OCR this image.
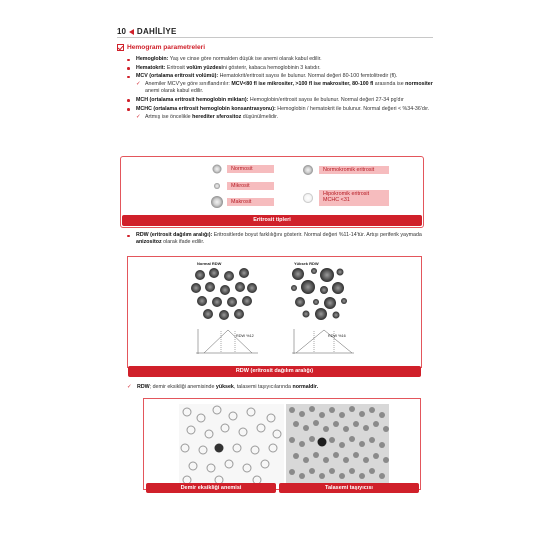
10 DAHİLİYE
Hemogram parametreleri
Hemoglobin: Yaş ve cinse göre normalden düşük ise anemi olarak kabul edilir.
Hematokrit: Eritrosit volüm yüzdesini gösterir, kabaca hemoglobinin 3 katıdır.
MCV (ortalama eritrosit volümü): Hematokrit/eritrosit sayısı ile bulunur. Normal değeri 80-100 femtolitredir (fl).
✓ Anemiler MCV'ye göre sınıflandırılır: MCV<80 fl ise mikrositer, >100 fl ise makrositer, 80-100 fl arasında ise normositer anemi olarak kabul edilir.
MCH (ortalama eritrosit hemoglobin miktarı): Hemoglobin/eritrosit sayısı ile bulunur. Normal değeri 27-34 pg'dır
MCHC (ortalama eritrosit hemoglobin konsantrasyonu): Hemoglobin / hematokrit ile bulunur. Normal değeri < %34-36'dır.
✓ Artmış ise öncelikle herediter sferositoz düşünülmelidir.
Normosit
Mikrosit
Makrosit
Normokromik eritrosit
Hipokromik eritrosit
MCHC <31
Eritrosit tipleri
RDW (eritrosit dağılım aralığı): Eritrositlerde boyut farklılığını gösterir. Normal değeri %11-14'tür. Artışı periferik yaymada anizositoz olarak ifade edilir.
Normal RDW	Yüksek RDW
RDW %12	RDW %16
RDW (eritrosit dağılım aralığı)
✓ RDW; demir eksikliği anemisinde yüksek, talasemi taşıyıcılarında normaldir.
Demir eksikliği anemisi	Talasemi taşıyıcısı
